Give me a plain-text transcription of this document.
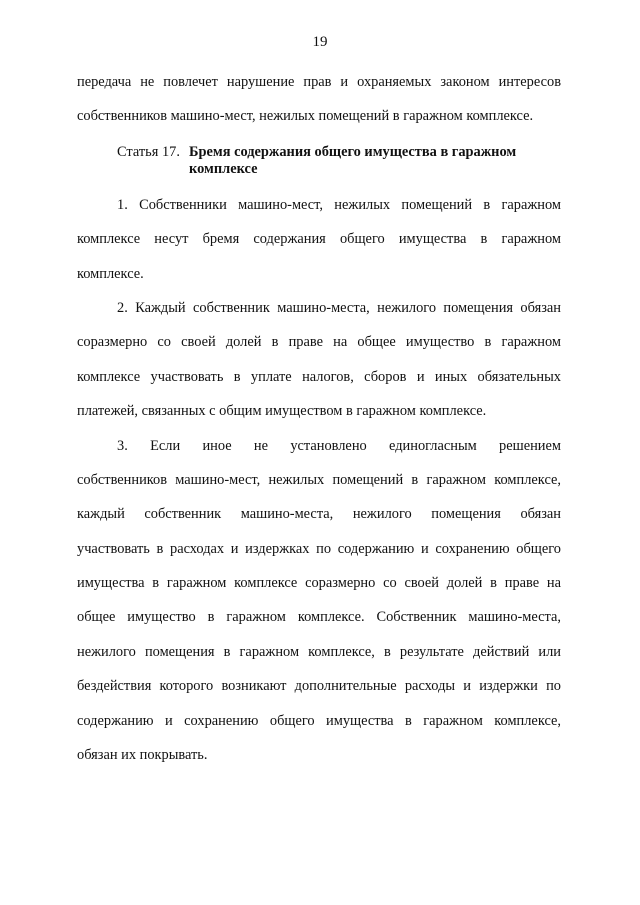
19
передача не повлечет нарушение прав и охраняемых законом интересов
собственников машино-мест, нежилых помещений в гаражном комплексе.
Статья 17. Бремя содержания общего имущества в гаражном
комплексе
1. Собственники машино-мест, нежилых помещений в гаражном
комплексе несут бремя содержания общего имущества в гаражном
комплексе.
2. Каждый собственник машино-места, нежилого помещения обязан
соразмерно со своей долей в праве на общее имущество в гаражном
комплексе участвовать в уплате налогов, сборов и иных обязательных
платежей, связанных с общим имуществом в гаражном комплексе.
3. Если иное не установлено единогласным решением
собственников машино-мест, нежилых помещений в гаражном комплексе,
каждый собственник машино-места, нежилого помещения обязан
участвовать в расходах и издержках по содержанию и сохранению общего
имущества в гаражном комплексе соразмерно со своей долей в праве на
общее имущество в гаражном комплексе. Собственник машино-места,
нежилого помещения в гаражном комплексе, в результате действий или
бездействия которого возникают дополнительные расходы и издержки по
содержанию и сохранению общего имущества в гаражном комплексе,
обязан их покрывать.
